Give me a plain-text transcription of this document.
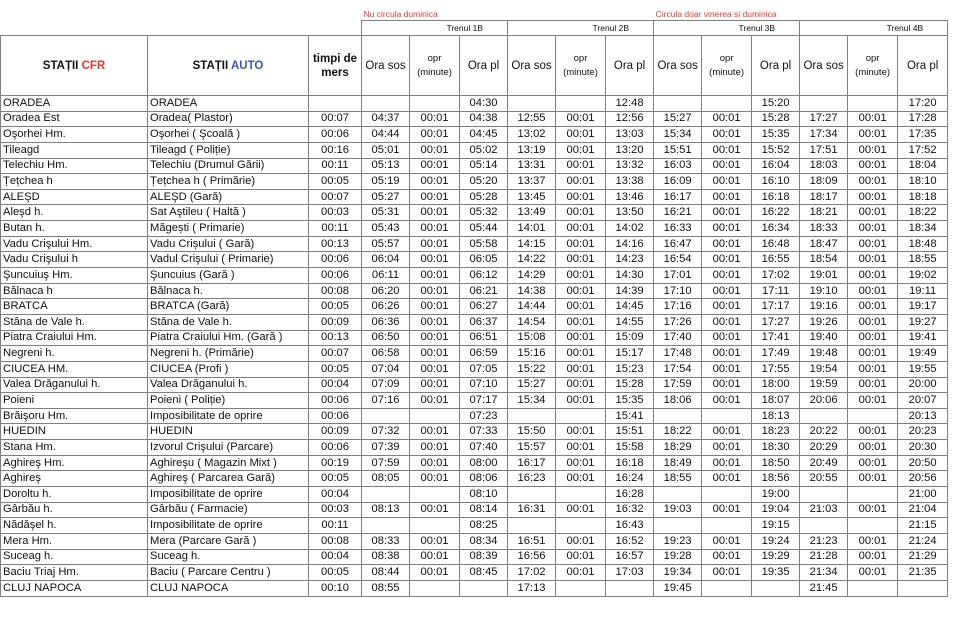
			Nu circula duminica						Circula doar vinerea si duminica					
			Trenul 1B			Trenul 2B			Trenul 3B			Trenul 4B		
STAȚII CFR	STAȚII AUTO	timpi de mers	Ora sos	opr (minute)	Ora pl	Ora sos	opr (minute)	Ora pl	Ora sos	opr (minute)	Ora pl	Ora sos	opr (minute)	Ora pl
ORADEA	ORADEA				04:30			12:48			15:20			17:20
Oradea Est	Oradea( Plastor)	00:07	04:37	00:01	04:38	12:55	00:01	12:56	15:27	00:01	15:28	17:27	00:01	17:28
Oşorhei Hm.	Oşorhei ( Şcoală )	00:06	04:44	00:01	04:45	13:02	00:01	13:03	15:34	00:01	15:35	17:34	00:01	17:35
Tileagd	Tileagd ( Poliție)	00:16	05:01	00:01	05:02	13:19	00:01	13:20	15:51	00:01	15:52	17:51	00:01	17:52
Telechiu Hm.	Telechiu (Drumul Gării)	00:11	05:13	00:01	05:14	13:31	00:01	13:32	16:03	00:01	16:04	18:03	00:01	18:04
Țețchea h	Țețchea h ( Primărie)	00:05	05:19	00:01	05:20	13:37	00:01	13:38	16:09	00:01	16:10	18:09	00:01	18:10
ALEŞD	ALEŞD (Gară)	00:07	05:27	00:01	05:28	13:45	00:01	13:46	16:17	00:01	16:18	18:17	00:01	18:18
Aleşd h.	Sat Aştileu ( Haltă )	00:03	05:31	00:01	05:32	13:49	00:01	13:50	16:21	00:01	16:22	18:21	00:01	18:22
Butan h.	Măgești ( Primarie)	00:11	05:43	00:01	05:44	14:01	00:01	14:02	16:33	00:01	16:34	18:33	00:01	18:34
Vadu Crişului Hm.	Vadu Crișului ( Gară)	00:13	05:57	00:01	05:58	14:15	00:01	14:16	16:47	00:01	16:48	18:47	00:01	18:48
Vadu Crişului h	Vadul Crişului ( Primarie)	00:06	06:04	00:01	06:05	14:22	00:01	14:23	16:54	00:01	16:55	18:54	00:01	18:55
Şuncuiuş Hm.	Şuncuius (Gară )	00:06	06:11	00:01	06:12	14:29	00:01	14:30	17:01	00:01	17:02	19:01	00:01	19:02
Bălnaca h	Bălnaca h.	00:08	06:20	00:01	06:21	14:38	00:01	14:39	17:10	00:01	17:11	19:10	00:01	19:11
BRATCA	BRATCA (Gară)	00:05	06:26	00:01	06:27	14:44	00:01	14:45	17:16	00:01	17:17	19:16	00:01	19:17
Stâna de Vale h.	Stâna de Vale h.	00:09	06:36	00:01	06:37	14:54	00:01	14:55	17:26	00:01	17:27	19:26	00:01	19:27
Piatra Craiului Hm.	Piatra Craiului Hm. (Gară )	00:13	06:50	00:01	06:51	15:08	00:01	15:09	17:40	00:01	17:41	19:40	00:01	19:41
Negreni h.	Negreni h. (Primărie)	00:07	06:58	00:01	06:59	15:16	00:01	15:17	17:48	00:01	17:49	19:48	00:01	19:49
CIUCEA HM.	CIUCEA (Profi )	00:05	07:04	00:01	07:05	15:22	00:01	15:23	17:54	00:01	17:55	19:54	00:01	19:55
Valea Drăganului h.	Valea Drăganului h.	00:04	07:09	00:01	07:10	15:27	00:01	15:28	17:59	00:01	18:00	19:59	00:01	20:00
Poieni	Poieni ( Poliție)	00:06	07:16	00:01	07:17	15:34	00:01	15:35	18:06	00:01	18:07	20:06	00:01	20:07
Brăişoru Hm.	Imposibilitate de oprire	00:06			07:23			15:41			18:13			20:13
HUEDIN	HUEDIN	00:09	07:32	00:01	07:33	15:50	00:01	15:51	18:22	00:01	18:23	20:22	00:01	20:23
Stana Hm.	Izvorul Crişului (Parcare)	00:06	07:39	00:01	07:40	15:57	00:01	15:58	18:29	00:01	18:30	20:29	00:01	20:30
Aghireş Hm.	Aghireşu ( Magazin Mixt )	00:19	07:59	00:01	08:00	16:17	00:01	16:18	18:49	00:01	18:50	20:49	00:01	20:50
Aghireş	Aghireş ( Parcarea Gară)	00:05	08:05	00:01	08:06	16:23	00:01	16:24	18:55	00:01	18:56	20:55	00:01	20:56
Doroltu h.	Imposibilitate de oprire	00:04			08:10			16:28			19:00			21:00
Gârbău h.	Gârbău ( Farmacie)	00:03	08:13	00:01	08:14	16:31	00:01	16:32	19:03	00:01	19:04	21:03	00:01	21:04
Nădăşel h.	Imposibilitate de oprire	00:11			08:25			16:43			19:15			21:15
Mera Hm.	Mera (Parcare Gară )	00:08	08:33	00:01	08:34	16:51	00:01	16:52	19:23	00:01	19:24	21:23	00:01	21:24
Suceag h.	Suceag h.	00:04	08:38	00:01	08:39	16:56	00:01	16:57	19:28	00:01	19:29	21:28	00:01	21:29
Baciu Triaj Hm.	Baciu ( Parcare Centru )	00:05	08:44	00:01	08:45	17:02	00:01	17:03	19:34	00:01	19:35	21:34	00:01	21:35
CLUJ NAPOCA	CLUJ NAPOCA	00:10	08:55			17:13			19:45			21:45		
